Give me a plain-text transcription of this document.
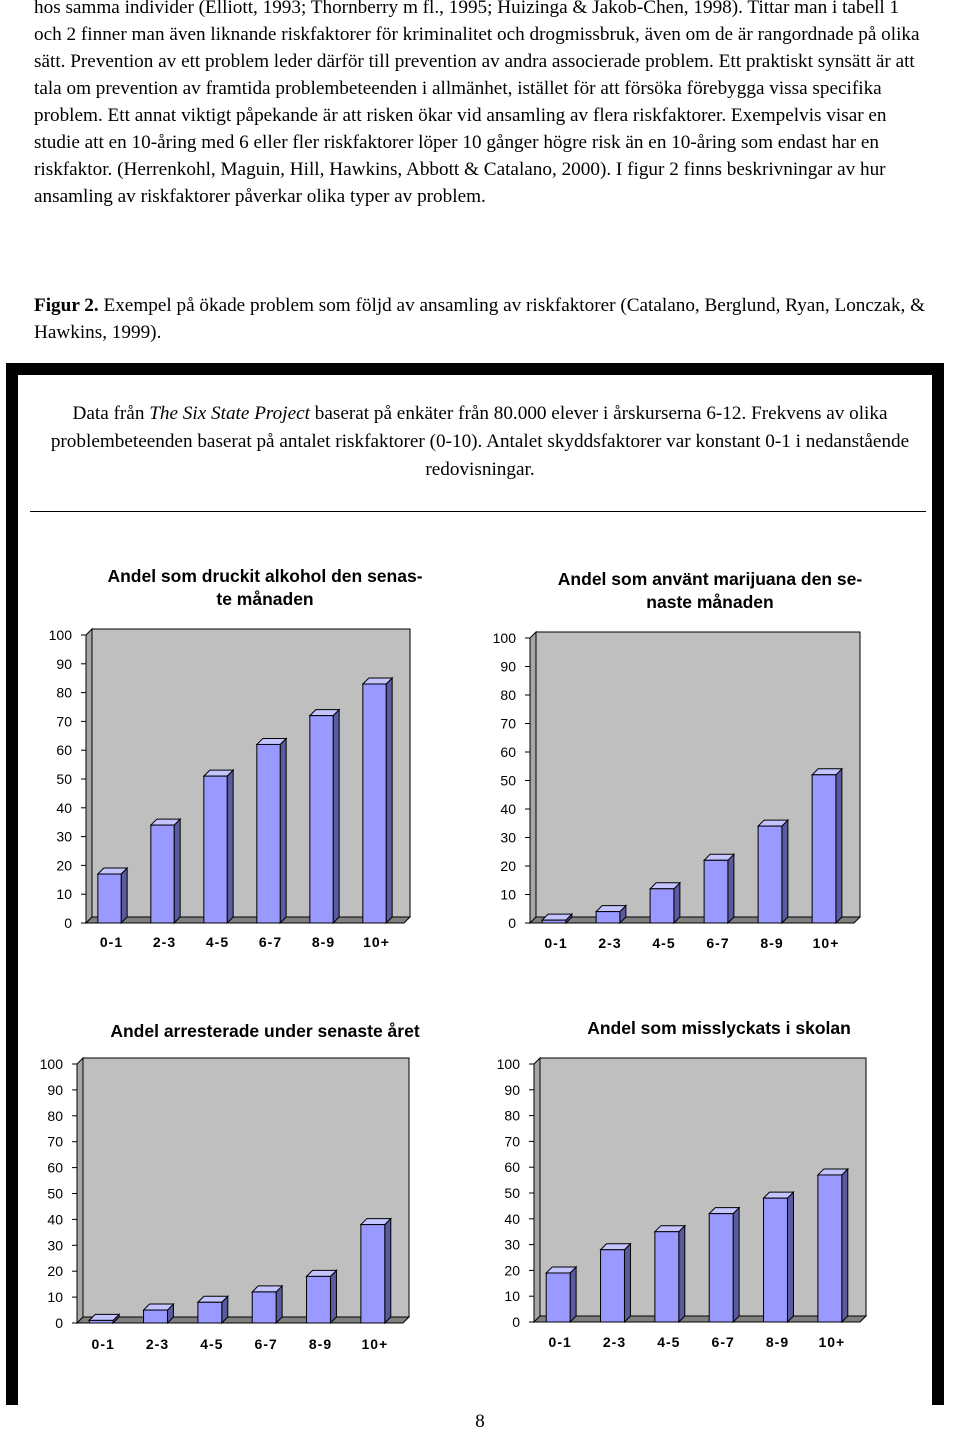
hos samma individer (Elliott, 1993; Thornberry m fl., 1995; Huizinga & Jakob-Chen, 1998). Tittar man i tabell 1 och 2 finner man även liknande riskfaktorer för kriminalitet och drogmissbruk, även om de är rangordnade på olika sätt. Prevention av ett problem leder därför till prevention av andra associerade problem. Ett praktiskt synsätt är att tala om prevention av framtida problembeteenden i allmänhet, istället för att försöka förebygga vissa specifika problem. Ett annat viktigt påpekande är att risken ökar vid ansamling av flera riskfaktorer. Exempelvis visar en studie att en 10-åring med 6 eller fler riskfaktorer löper 10 gånger högre risk än en 10-åring som endast har en riskfaktor. (Herrenkohl, Maguin, Hill, Hawkins, Abbott & Catalano, 2000). I figur 2 finns beskrivningar av hur ansamling av riskfaktorer påverkar olika typer av problem.

Figur 2. Exempel på ökade problem som följd av ansamling av riskfaktorer (Catalano, Berglund, Ryan, Lonczak, & Hawkins, 1999).

Data från The Six State Project baserat på enkäter från 80.000 elever i årskurserna 6-12. Frekvens av olika problembeteenden baserat på antalet riskfaktorer (0-10). Antalet skyddsfaktorer var konstant 0-1 i nedanstående redovisningar.

Andel som druckit alkohol den senas-
te månaden
0
10
20
30
40
50
60
70
80
90
100
0-1 2-3 4-5 6-7 8-9 10+
Andel som använt marijuana den se-
naste månaden
0
10
20
30
40
50
60
70
80
90
100
0-1 2-3 4-5 6-7 8-9 10+
Andel arresterade under senaste året
0
10
20
30
40
50
60
70
80
90
100
0-1 2-3 4-5 6-7 8-9 10+
Andel som misslyckats i skolan
0
10
20
30
40
50
60
70
80
90
100
0-1 2-3 4-5 6-7 8-9 10+
8
